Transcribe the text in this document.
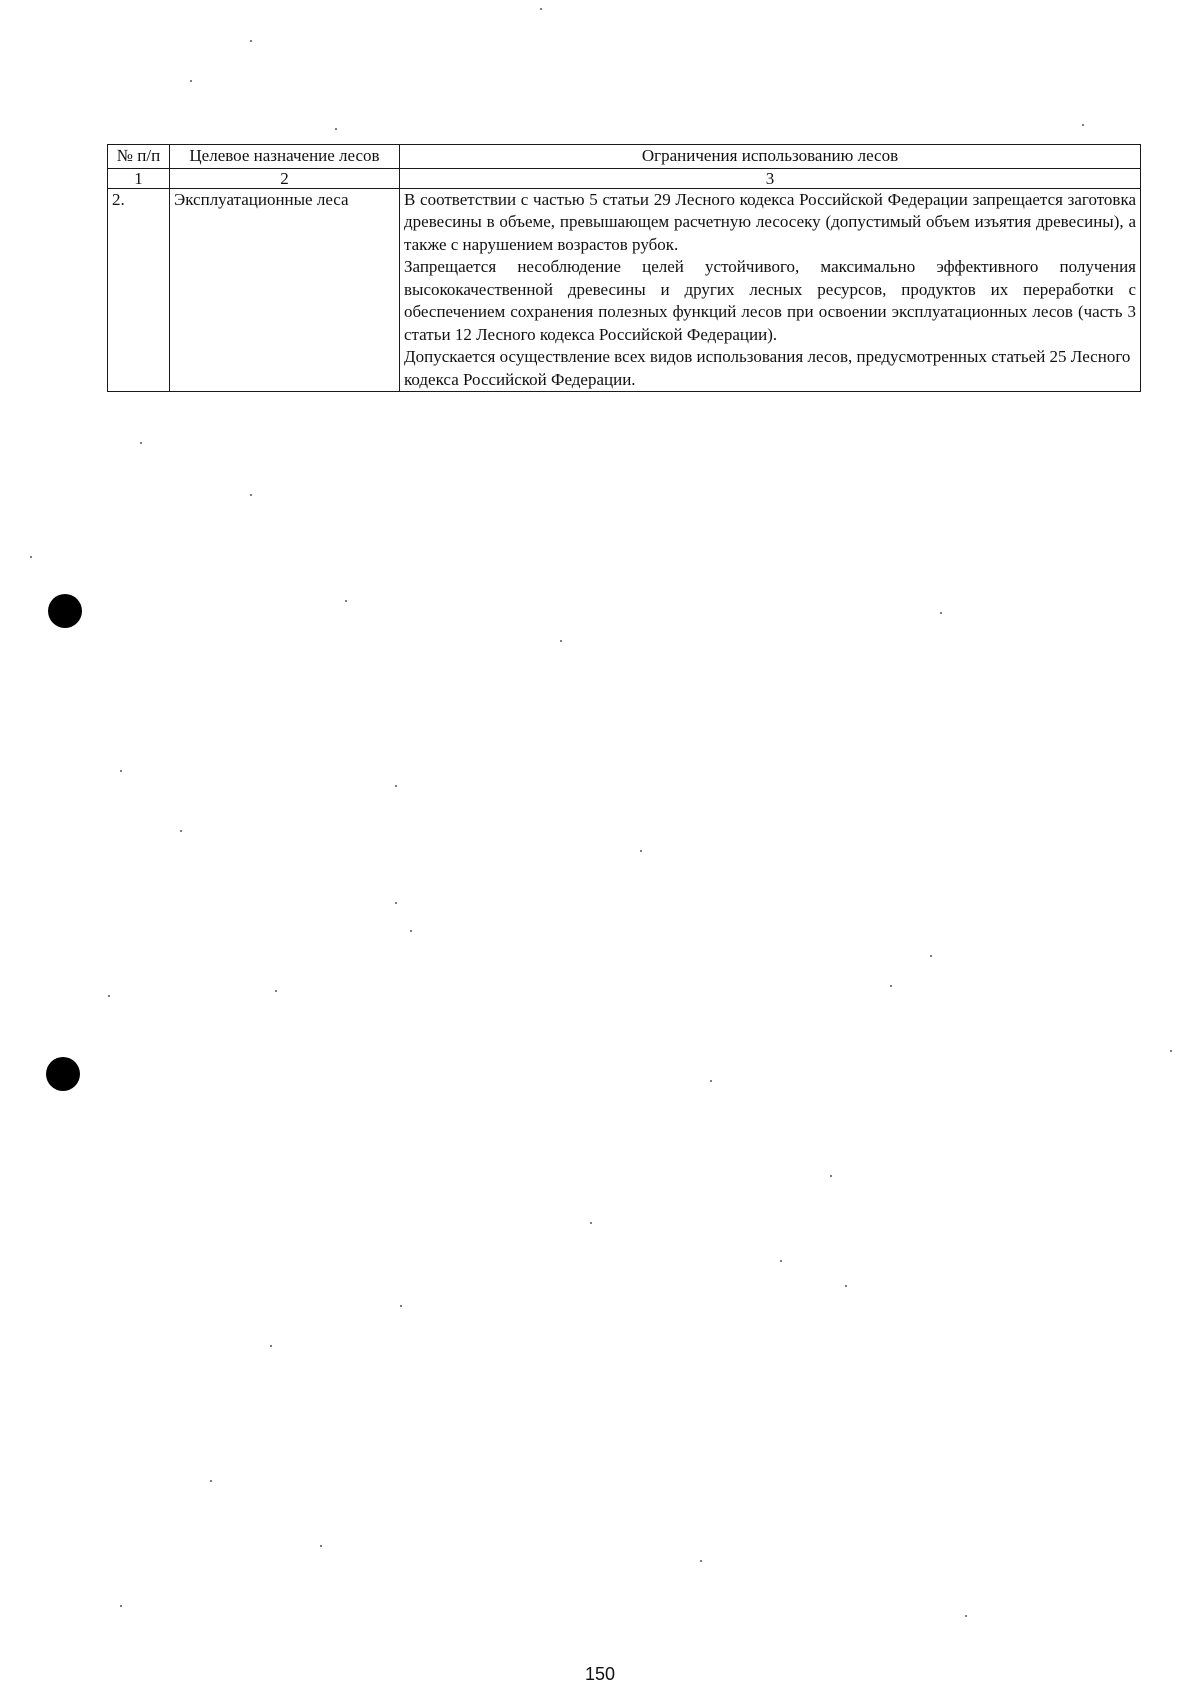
№ п/п	Целевое назначение лесов	Ограничения использованию лесов
1	2	3
2.	Эксплуатационные леса	В соответствии с частью 5 статьи 29 Лесного кодекса Российской Федерации запрещается заготовка древесины в объеме, превышающем расчетную лесосеку (допустимый объем изъятия древесины), а также с нарушением возрастов рубок.
Запрещается несоблюдение целей устойчивого, максимально эффективного получения высококачественной древесины и других лесных ресурсов, продуктов их переработки с обеспечением сохранения полезных функций лесов при освоении эксплуатационных лесов (часть 3 статьи 12 Лесного кодекса Российской Федерации).
Допускается осуществление всех видов использования лесов, предусмотренных статьей 25 Лесного кодекса Российской Федерации.
150
